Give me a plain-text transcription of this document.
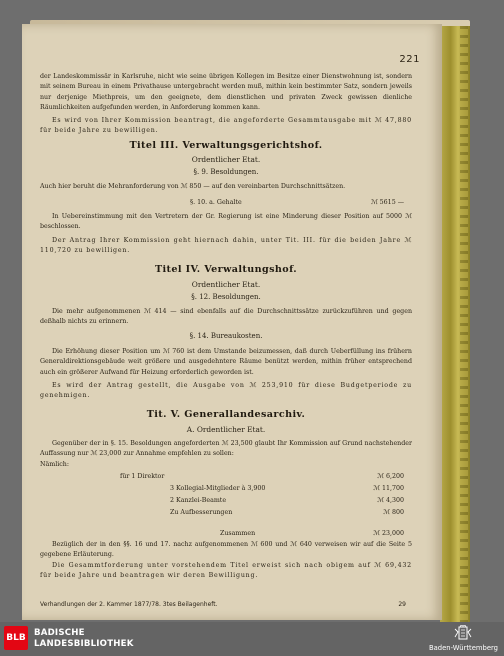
221
der Landeskommissär in Karlsruhe, nicht wie seine übrigen Kollegen im Besitze einer Dienstwohnung ist, sondern mit seinem Bureau in einem Privathause untergebracht werden muß, mithin kein bestimmter Satz, sondern jeweils nur derjenige Miethpreis, um den geeignete, dem dienstlichen und privaten Zweck gewissen dienliche Räumlichkeiten aufgefunden werden, in Anforderung kommen kann.
Es wird von Ihrer Kommission beantragt, die angeforderte Gesammtausgabe mit ℳ 47,880 für beide Jahre zu bewilligen.
Titel III. Verwaltungsgerichtshof.
Ordentlicher Etat.
§. 9. Besoldungen.
Auch hier beruht die Mehranforderung von ℳ 850 — auf den vereinbarten Durchschnittsätzen.
§. 10. a. Gehalte	ℳ 5615 —
In Uebereinstimmung mit den Vertretern der Gr. Regierung ist eine Minderung dieser Position auf 5000 ℳ beschlossen.
Der Antrag Ihrer Kommission geht hiernach dahin, unter Tit. III. für die beiden Jahre ℳ 110,720 zu bewilligen.
Titel IV. Verwaltungshof.
Ordentlicher Etat.
§. 12. Besoldungen.
Die mehr aufgenommenen ℳ 414 — sind ebenfalls auf die Durchschnittssätze zurückzuführen und gegen deßhalb nichts zu erinnern.
§. 14. Bureaukosten.
Die Erhöhung dieser Position um ℳ 760 ist dem Umstande beizumessen, daß durch Ueberfüllung ins frühern Generaldirektionsgebäude weit größere und ausgedehntere Räume benützt werden, mithin früher entsprechend auch ein größerer Aufwand für Heizung erforderlich geworden ist.
Es wird der Antrag gestellt, die Ausgabe von ℳ 253,910 für diese Budgetperiode zu genehmigen.
Tit. V. Generallandesarchiv.
A. Ordentlicher Etat.
Gegenüber der in §. 15. Besoldungen angeforderten ℳ 23,500 glaubt Ihr Kommission auf Grund nachstehender Auffassung nur ℳ 23,000 zur Annahme empfehlen zu sollen:
Nämlich:
für 1 Direktor	ℳ 6,200
3 Kollegial-Mitglieder à 3,900	ℳ 11,700
2 Kanzlei-Beamte	ℳ 4,300
Zu Aufbesserungen	ℳ 800
Zusammen	ℳ 23,000
Bezüglich der in den §§. 16 und 17. nachz aufgenommenen ℳ 600 und ℳ 640 verweisen wir auf die Seite 5 gegebene Erläuterung.
Die Gesammtforderung unter vorstehendem Titel erweist sich nach obigem auf ℳ 69,432 für beide Jahre und beantragen wir deren Bewilligung.
Verhandlungen der 2. Kammer 1877/78. 3tes Beilagenheft.	29
BLB BADISCHE
LANDESBIBLIOTHEK	Baden-Württemberg
